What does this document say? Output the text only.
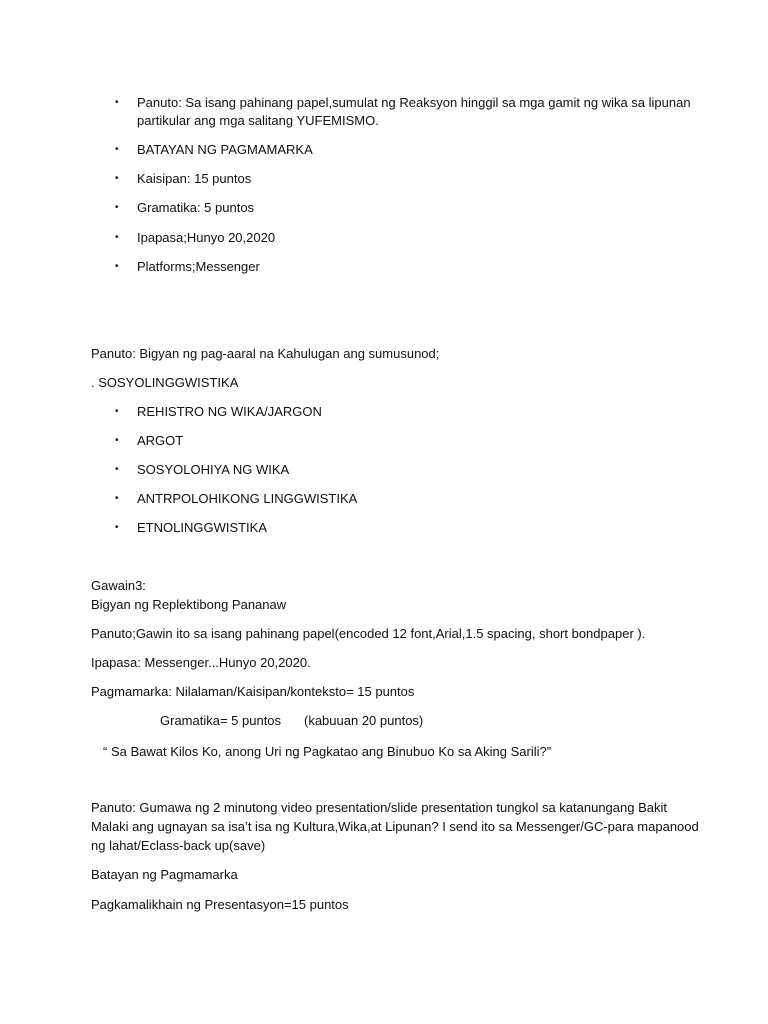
•	Panuto: Sa isang pahinang papel,sumulat ng Reaksyon hinggil sa mga gamit ng wika sa lipunan
partikular ang mga salitang YUFEMISMO.
•	BATAYAN NG PAGMAMARKA
•	Kaisipan: 15 puntos
•	Gramatika: 5 puntos
•	Ipapasa;Hunyo 20,2020
•	Platforms;Messenger
Panuto: Bigyan ng pag-aaral na Kahulugan ang sumusunod;
. SOSYOLINGGWISTIKA
•	REHISTRO NG WIKA/JARGON
•	ARGOT
•	SOSYOLOHIYA NG WIKA
•	ANTRPOLOHIKONG LINGGWISTIKA
•	ETNOLINGGWISTIKA
Gawain3:
Bigyan ng Replektibong Pananaw
Panuto;Gawin ito sa isang pahinang papel(encoded 12 font,Arial,1.5 spacing, short bondpaper ).
Ipapasa: Messenger...Hunyo 20,2020.
Pagmamarka: Nilalaman/Kaisipan/konteksto= 15 puntos
Gramatika= 5 puntos (kabuuan 20 puntos)
“ Sa Bawat Kilos Ko, anong Uri ng Pagkatao ang Binubuo Ko sa Aking Sarili?”
Panuto: Gumawa ng 2 minutong video presentation/slide presentation tungkol sa katanungang Bakit
Malaki ang ugnayan sa isa’t isa ng Kultura,Wika,at Lipunan? I send ito sa Messenger/GC-para mapanood
ng lahat/Eclass-back up(save)
Batayan ng Pagmamarka
Pagkamalikhain ng Presentasyon=15 puntos
